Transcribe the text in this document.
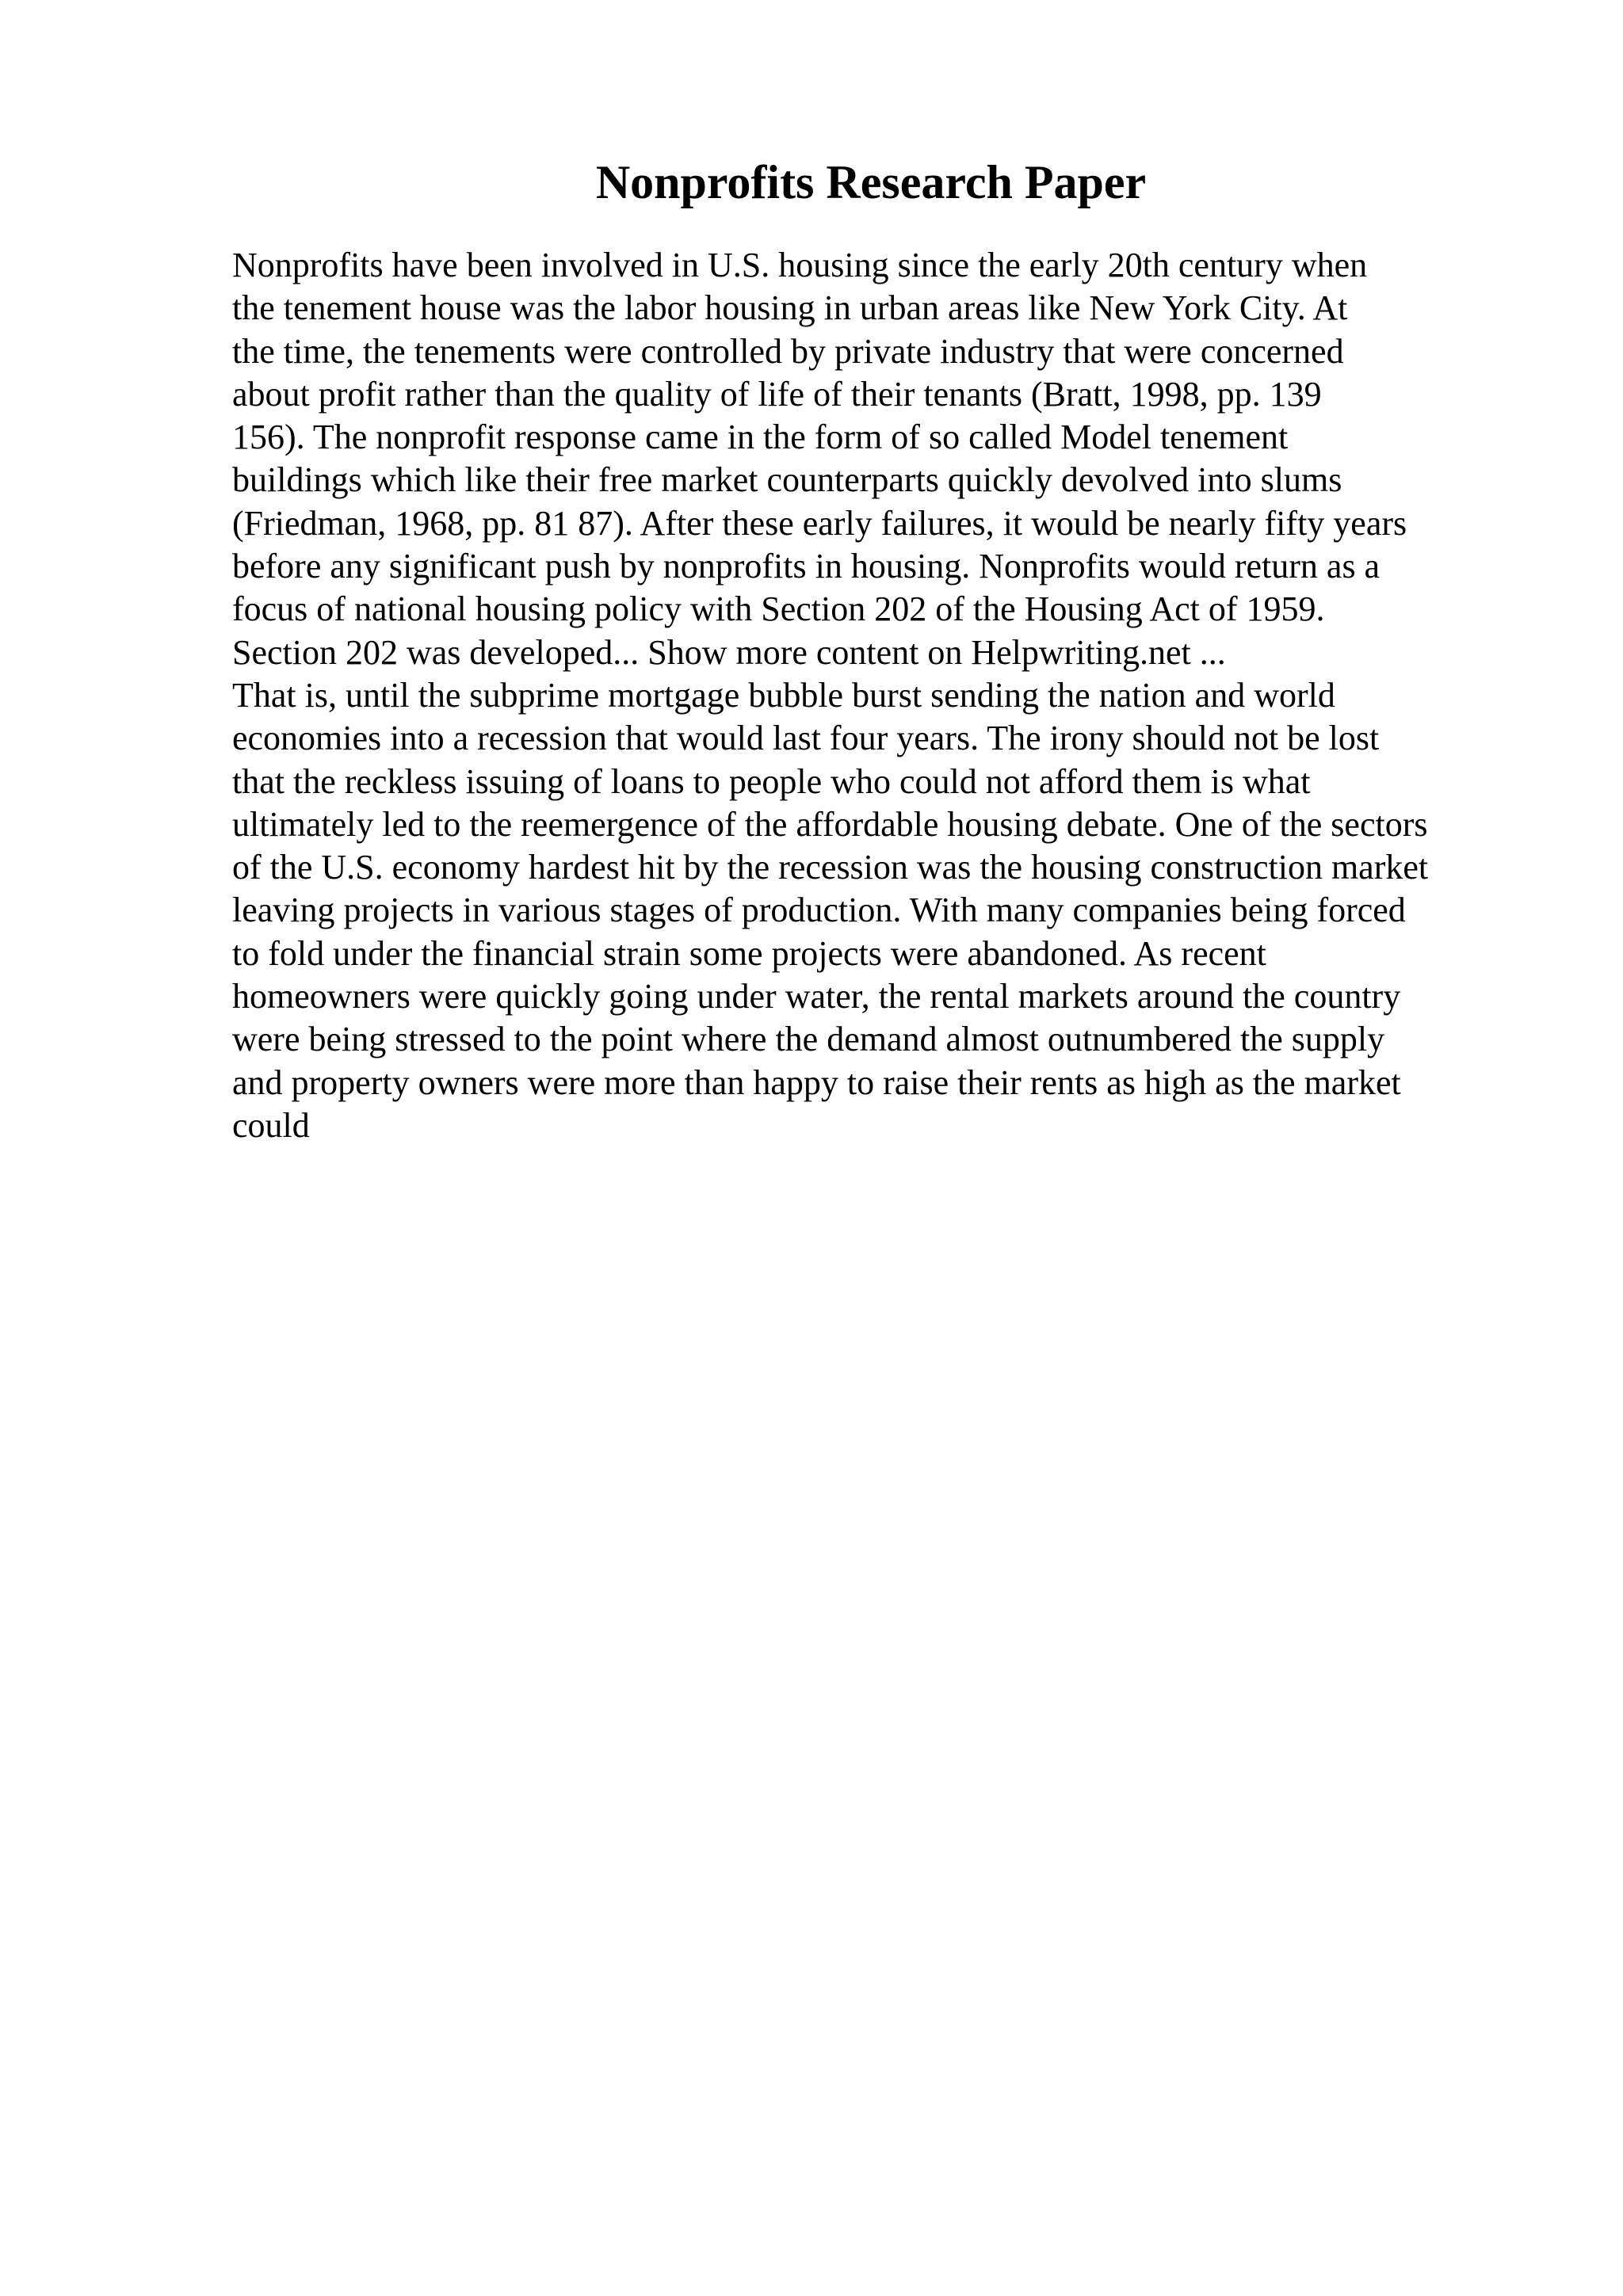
Nonprofits Research Paper
Nonprofits have been involved in U.S. housing since the early 20th century when
the tenement house was the labor housing in urban areas like New York City. At
the time, the tenements were controlled by private industry that were concerned
about profit rather than the quality of life of their tenants (Bratt, 1998, pp. 139
156). The nonprofit response came in the form of so called Model tenement
buildings which like their free market counterparts quickly devolved into slums
(Friedman, 1968, pp. 81 87). After these early failures, it would be nearly fifty years
before any significant push by nonprofits in housing. Nonprofits would return as a
focus of national housing policy with Section 202 of the Housing Act of 1959.
Section 202 was developed... Show more content on Helpwriting.net ...
That is, until the subprime mortgage bubble burst sending the nation and world
economies into a recession that would last four years. The irony should not be lost
that the reckless issuing of loans to people who could not afford them is what
ultimately led to the reemergence of the affordable housing debate. One of the sectors
of the U.S. economy hardest hit by the recession was the housing construction market
leaving projects in various stages of production. With many companies being forced
to fold under the financial strain some projects were abandoned. As recent
homeowners were quickly going under water, the rental markets around the country
were being stressed to the point where the demand almost outnumbered the supply
and property owners were more than happy to raise their rents as high as the market
could
